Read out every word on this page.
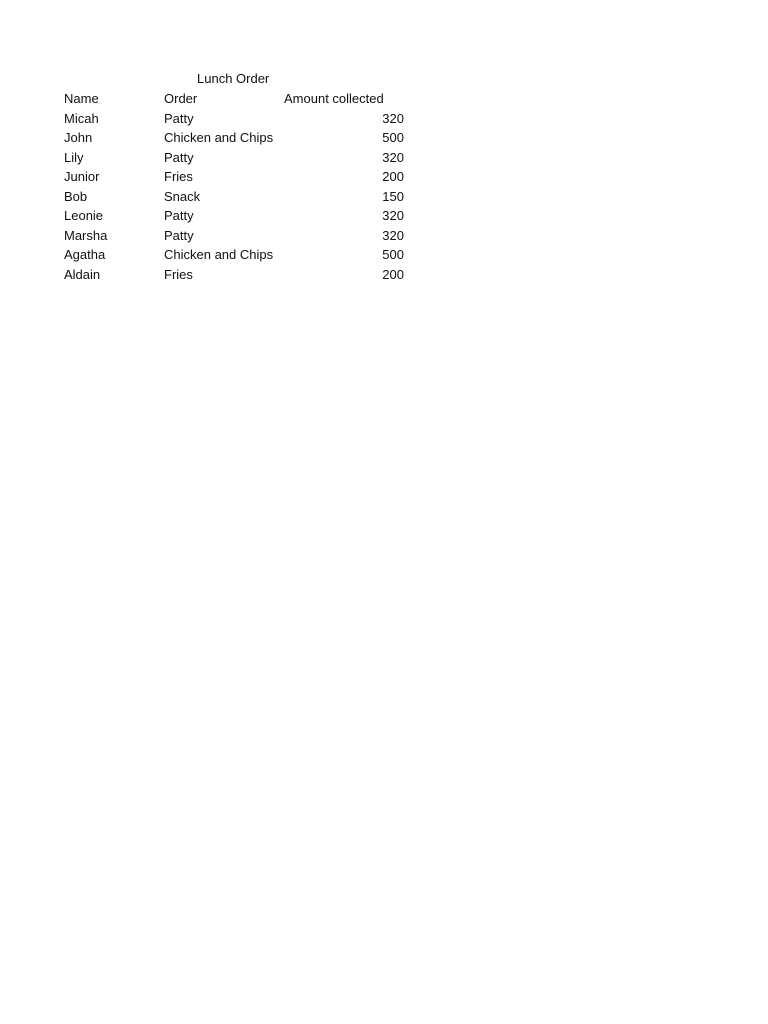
Lunch Order
Name	Order	Amount collected
Micah	Patty	320
John	Chicken and Chips	500
Lily	Patty	320
Junior	Fries	200
Bob	Snack	150
Leonie	Patty	320
Marsha	Patty	320
Agatha	Chicken and Chips	500
Aldain	Fries	200
